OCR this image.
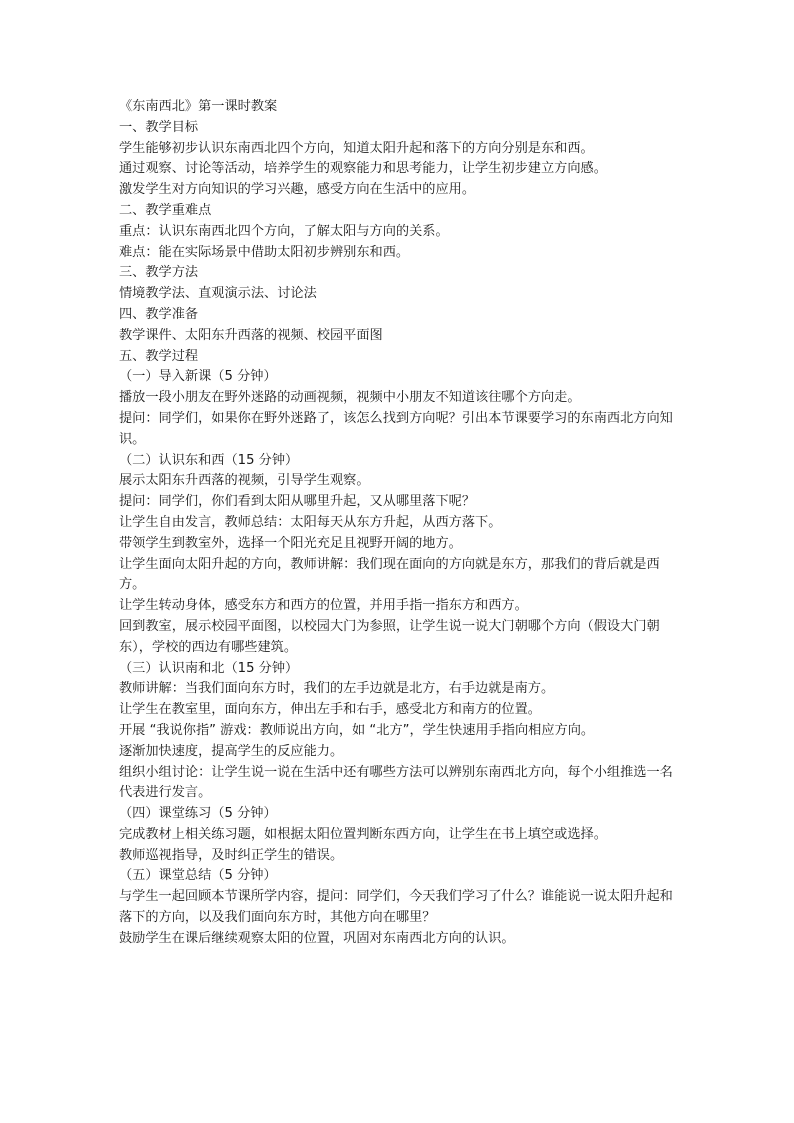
《东南西北》第一课时教案

一、教学目标

学生能够初步认识东南西北四个方向，知道太阳升起和落下的方向分别是东和西。

通过观察、讨论等活动，培养学生的观察能力和思考能力，让学生初步建立方向感。

激发学生对方向知识的学习兴趣，感受方向在生活中的应用。

二、教学重难点

重点：认识东南西北四个方向，了解太阳与方向的关系。

难点：能在实际场景中借助太阳初步辨别东和西。

三、教学方法

情境教学法、直观演示法、讨论法

四、教学准备

教学课件、太阳东升西落的视频、校园平面图

五、教学过程

（一）导入新课（5 分钟）

播放一段小朋友在野外迷路的动画视频，视频中小朋友不知道该往哪个方向走。

提问：同学们，如果你在野外迷路了，该怎么找到方向呢？引出本节课要学习的东南西北方向知识。

（二）认识东和西（15 分钟）

展示太阳东升西落的视频，引导学生观察。

提问：同学们，你们看到太阳从哪里升起，又从哪里落下呢？

让学生自由发言，教师总结：太阳每天从东方升起，从西方落下。

带领学生到教室外，选择一个阳光充足且视野开阔的地方。

让学生面向太阳升起的方向，教师讲解：我们现在面向的方向就是东方，那我们的背后就是西方。

让学生转动身体，感受东方和西方的位置，并用手指一指东方和西方。

回到教室，展示校园平面图，以校园大门为参照，让学生说一说大门朝哪个方向（假设大门朝东），学校的西边有哪些建筑。

（三）认识南和北（15 分钟）

教师讲解：当我们面向东方时，我们的左手边就是北方，右手边就是南方。

让学生在教室里，面向东方，伸出左手和右手，感受北方和南方的位置。

开展 “我说你指” 游戏：教师说出方向，如 “北方”，学生快速用手指向相应方向。

逐渐加快速度，提高学生的反应能力。

组织小组讨论：让学生说一说在生活中还有哪些方法可以辨别东南西北方向，每个小组推选一名代表进行发言。

（四）课堂练习（5 分钟）

完成教材上相关练习题，如根据太阳位置判断东西方向，让学生在书上填空或选择。

教师巡视指导，及时纠正学生的错误。

（五）课堂总结（5 分钟）

与学生一起回顾本节课所学内容，提问：同学们，今天我们学习了什么？谁能说一说太阳升起和落下的方向，以及我们面向东方时，其他方向在哪里？

鼓励学生在课后继续观察太阳的位置，巩固对东南西北方向的认识。
